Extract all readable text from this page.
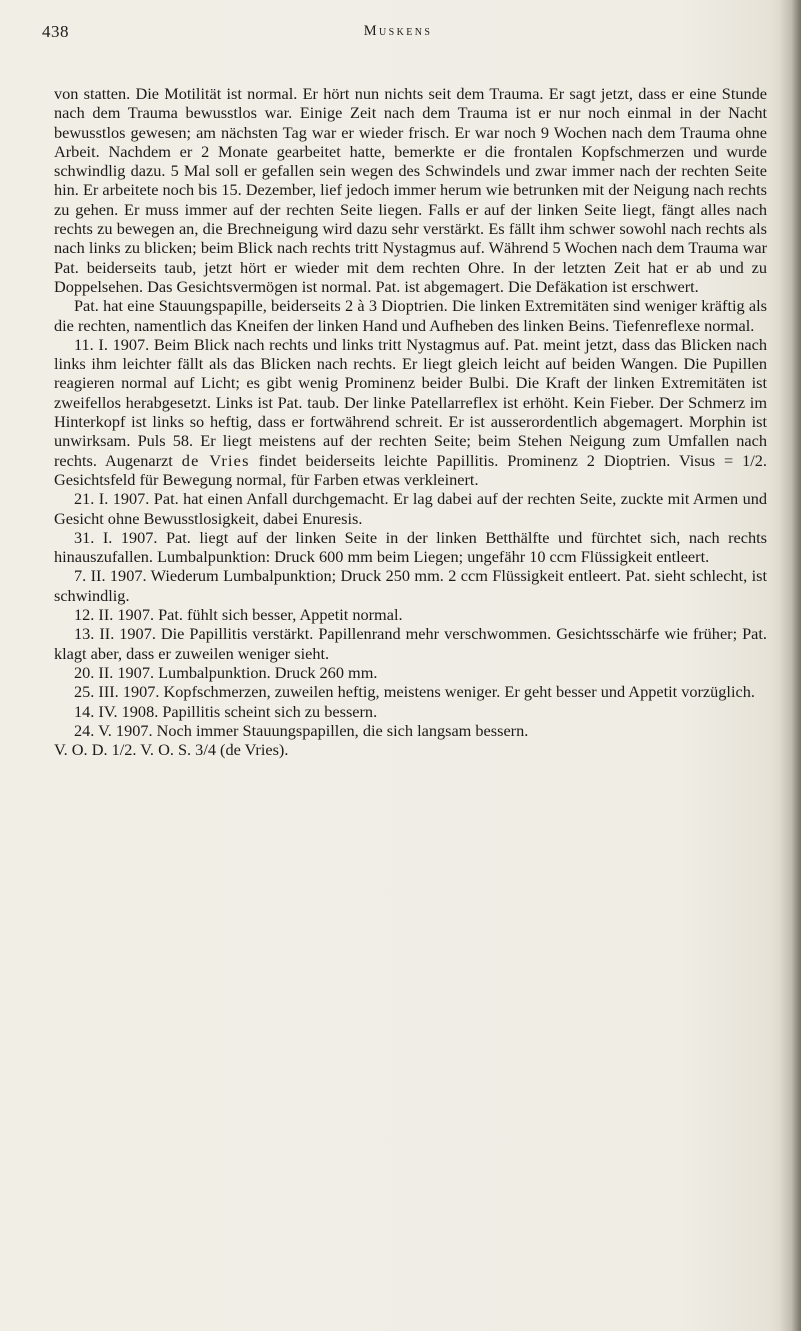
438	Muskens

von statten. Die Motilität ist normal. Er hört nun nichts seit dem Trauma. Er sagt jetzt, dass er eine Stunde nach dem Trauma bewusstlos war. Einige Zeit nach dem Trauma ist er nur noch einmal in der Nacht bewusstlos gewesen; am nächsten Tag war er wieder frisch. Er war noch 9 Wochen nach dem Trauma ohne Arbeit. Nachdem er 2 Monate gearbeitet hatte, bemerkte er die frontalen Kopfschmerzen und wurde schwindlig dazu. 5 Mal soll er gefallen sein wegen des Schwindels und zwar immer nach der rechten Seite hin. Er arbeitete noch bis 15. Dezember, lief jedoch immer herum wie betrunken mit der Neigung nach rechts zu gehen. Er muss immer auf der rechten Seite liegen. Falls er auf der linken Seite liegt, fängt alles nach rechts zu bewegen an, die Brechneigung wird dazu sehr verstärkt. Es fällt ihm schwer sowohl nach rechts als nach links zu blicken; beim Blick nach rechts tritt Nystagmus auf. Während 5 Wochen nach dem Trauma war Pat. beiderseits taub, jetzt hört er wieder mit dem rechten Ohre. In der letzten Zeit hat er ab und zu Doppelsehen. Das Gesichtsvermögen ist normal. Pat. ist abgemagert. Die Defäkation ist erschwert.

Pat. hat eine Stauungspapille, beiderseits 2 à 3 Dioptrien. Die linken Extremitäten sind weniger kräftig als die rechten, namentlich das Kneifen der linken Hand und Aufheben des linken Beins. Tiefenreflexe normal.

11. I. 1907. Beim Blick nach rechts und links tritt Nystagmus auf. Pat. meint jetzt, dass das Blicken nach links ihm leichter fällt als das Blicken nach rechts. Er liegt gleich leicht auf beiden Wangen. Die Pupillen reagieren normal auf Licht; es gibt wenig Prominenz beider Bulbi. Die Kraft der linken Extremitäten ist zweifellos herabgesetzt. Links ist Pat. taub. Der linke Patellarreflex ist erhöht. Kein Fieber. Der Schmerz im Hinterkopf ist links so heftig, dass er fortwährend schreit. Er ist ausserordentlich abgemagert. Morphin ist unwirksam. Puls 58. Er liegt meistens auf der rechten Seite; beim Stehen Neigung zum Umfallen nach rechts. Augenarzt de Vries findet beiderseits leichte Papillitis. Prominenz 2 Dioptrien. Visus = 1/2. Gesichtsfeld für Bewegung normal, für Farben etwas verkleinert.

21. I. 1907. Pat. hat einen Anfall durchgemacht. Er lag dabei auf der rechten Seite, zuckte mit Armen und Gesicht ohne Bewusstlosigkeit, dabei Enuresis.

31. I. 1907. Pat. liegt auf der linken Seite in der linken Betthälfte und fürchtet sich, nach rechts hinauszufallen. Lumbalpunktion: Druck 600 mm beim Liegen; ungefähr 10 ccm Flüssigkeit entleert.

7. II. 1907. Wiederum Lumbalpunktion; Druck 250 mm. 2 ccm Flüssigkeit entleert. Pat. sieht schlecht, ist schwindlig.

12. II. 1907. Pat. fühlt sich besser, Appetit normal.

13. II. 1907. Die Papillitis verstärkt. Papillenrand mehr verschwommen. Gesichtsschärfe wie früher; Pat. klagt aber, dass er zuweilen weniger sieht.

20. II. 1907. Lumbalpunktion. Druck 260 mm.

25. III. 1907. Kopfschmerzen, zuweilen heftig, meistens weniger. Er geht besser und Appetit vorzüglich.

14. IV. 1908. Papillitis scheint sich zu bessern.

24. V. 1907. Noch immer Stauungspapillen, die sich langsam bessern.

V. O. D. 1/2. V. O. S. 3/4 (de Vries).
